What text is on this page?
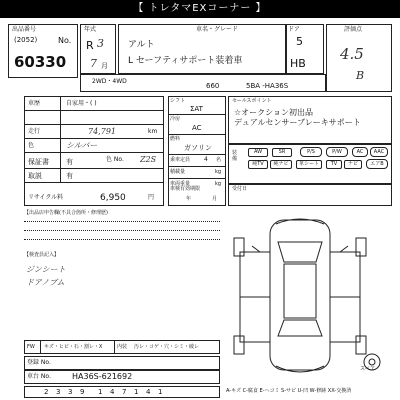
【 トレタマEXコーナー 】
出品番号
(2052)	No.
60330
年式
R 3
7 月
車名・グレード
アルト
L セーフティサポート装着車
ドア
5
HB
評価点
4.5
B
2WD・4WD
660	5BA -HA36S
車歴	自家用・( )
色	シルバー
走行	74,791	km
色 No. Z2S
保証書 有
取説	有
リサイクル料	6,950	円
シフト
ΣAT
冷房
AC
燃料
ガソリン
乗車定員 4 名
積載量	kg
車両重量	kg
車検有効期限
年	月
セールスポイント
☆オークション初出品
デュアルセンサーブレーキサポート
装備
AW	SR	P/S	P/W	AC	AAC
純TV	純ナビ	革シート	TV	ナビ	エアB
受付日
【出品店申告欄(不具合箇所・修理歴)
【検査員記入】
ジンシート
ドアノブム
スペア
FW キズ・ヒビ・石・割レ・X	内装 汚レ・コゲ・穴・シミ・破レ
登録 No.
車台 No.	HA36S-621692
2 3 3 9 1 4 7 1 4 1	A-キズ C-腐食 E-ヘコミ S-サビ U-凹 W-修跡 XX-交換済
